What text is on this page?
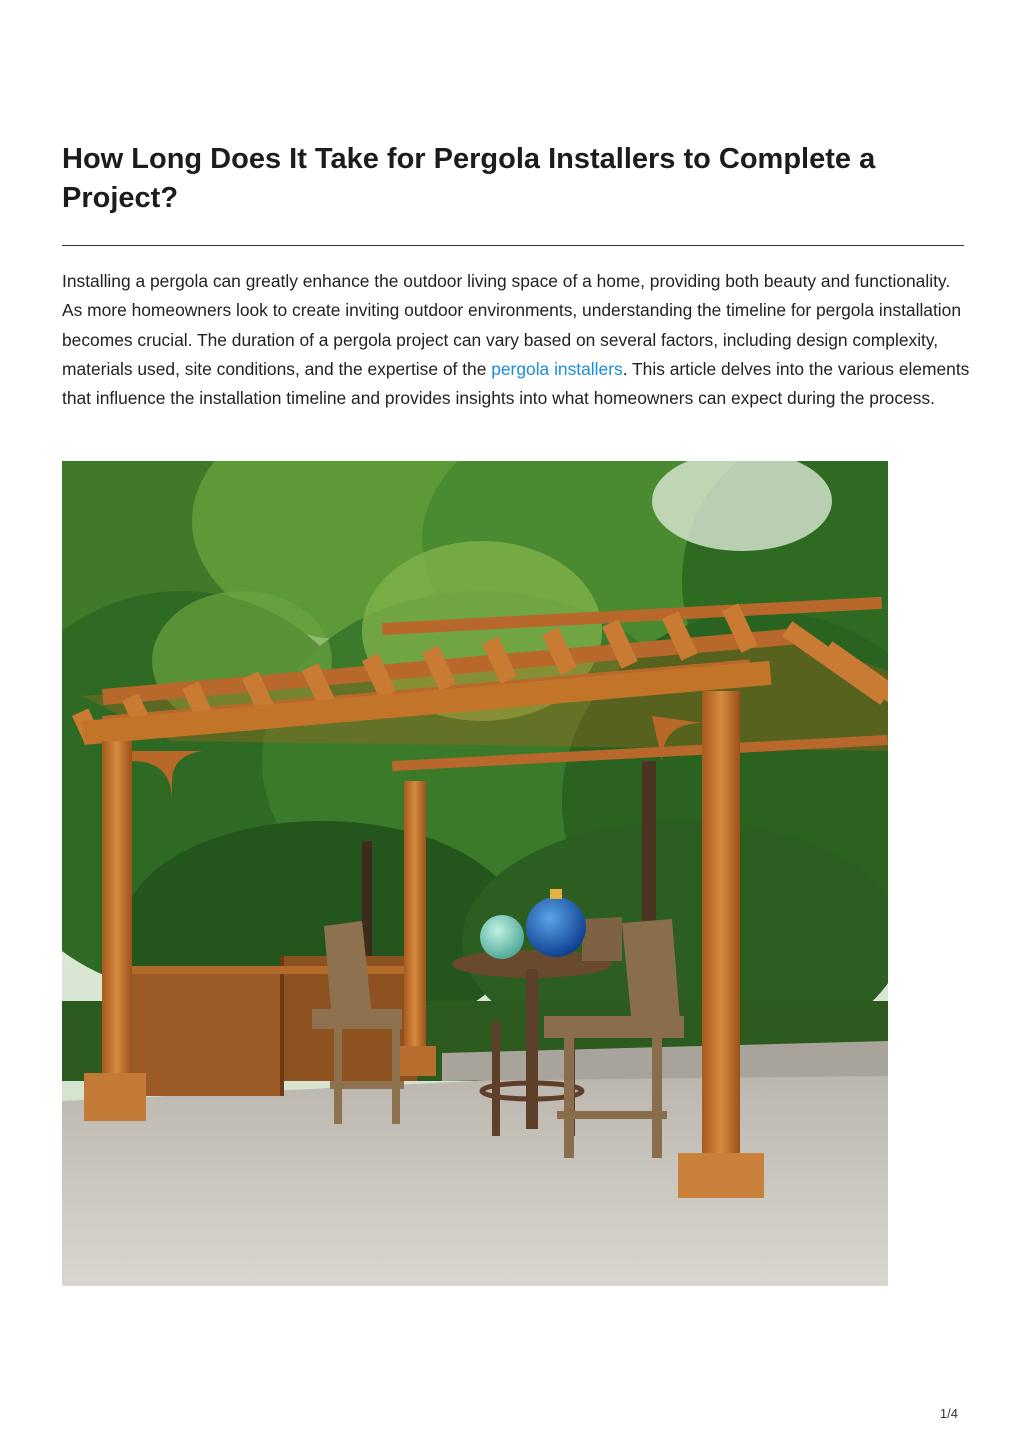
How Long Does It Take for Pergola Installers to Complete a Project?

Installing a pergola can greatly enhance the outdoor living space of a home, providing both beauty and functionality. As more homeowners look to create inviting outdoor environments, understanding the timeline for pergola installation becomes crucial. The duration of a pergola project can vary based on several factors, including design complexity, materials used, site conditions, and the expertise of the pergola installers. This article delves into the various elements that influence the installation timeline and provides insights into what homeowners can expect during the process.

1/4
